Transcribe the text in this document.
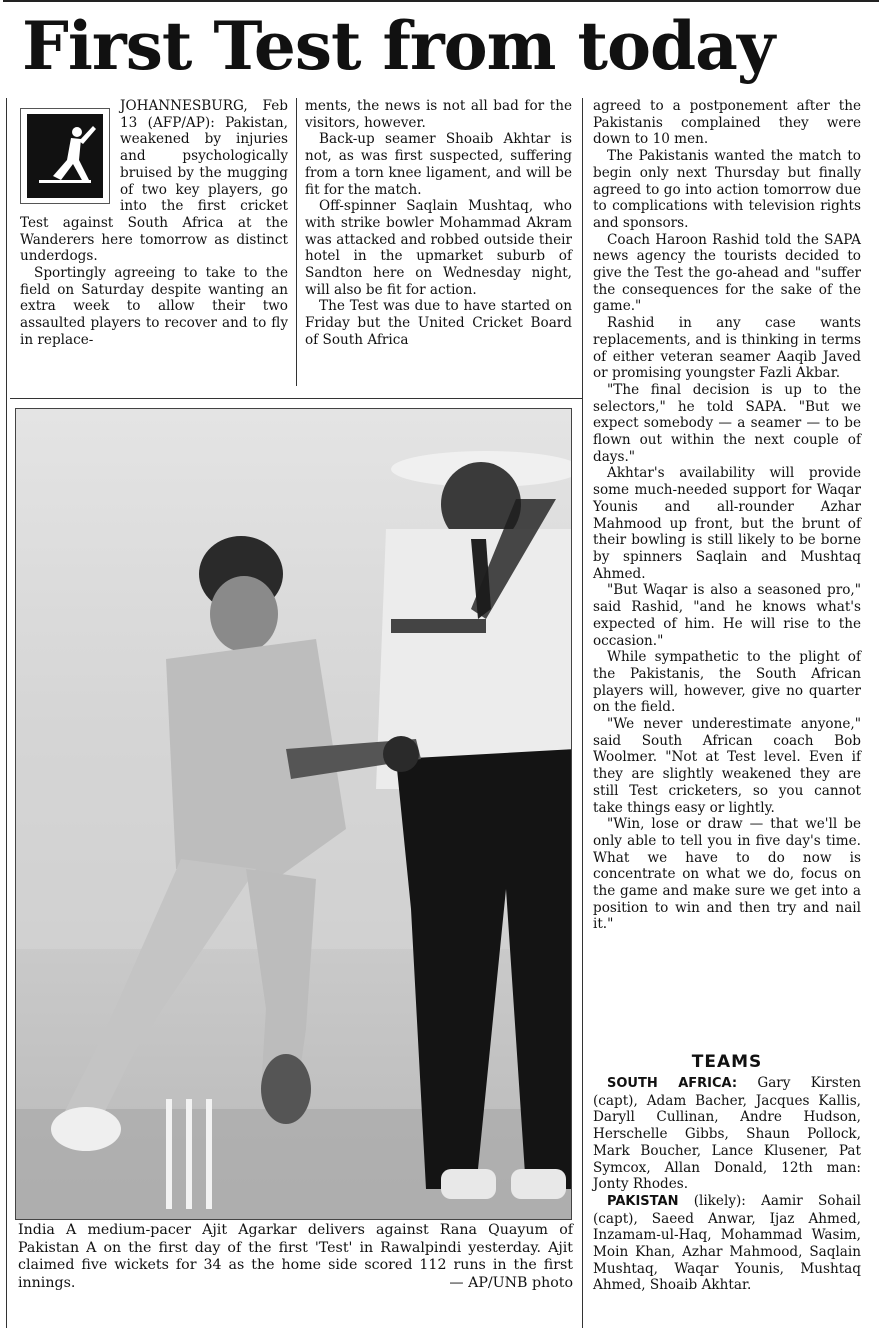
First Test from today

JOHANNESBURG, Feb 13 (AFP/AP): Pakistan, weakened by injuries and psychologically bruised by the mugging of two key players, go into the first cricket Test against South Africa at the Wanderers here tomorrow as distinct underdogs.

Sportingly agreeing to take to the field on Saturday despite wanting an extra week to allow their two assaulted players to recover and to fly in replace-

ments, the news is not all bad for the visitors, however.

Back-up seamer Shoaib Akhtar is not, as was first suspected, suffering from a torn knee ligament, and will be fit for the match.

Off-spinner Saqlain Mushtaq, who with strike bowler Mohammad Akram was attacked and robbed outside their hotel in the upmarket suburb of Sandton here on Wednesday night, will also be fit for action.

The Test was due to have started on Friday but the United Cricket Board of South Africa

agreed to a postponement after the Pakistanis complained they were down to 10 men.

The Pakistanis wanted the match to begin only next Thursday but finally agreed to go into action tomorrow due to complications with television rights and sponsors.

Coach Haroon Rashid told the SAPA news agency the tourists decided to give the Test the go-ahead and "suffer the consequences for the sake of the game."

Rashid in any case wants replacements, and is thinking in terms of either veteran seamer Aaqib Javed or promising youngster Fazli Akbar.

"The final decision is up to the selectors," he told SAPA. "But we expect somebody — a seamer — to be flown out within the next couple of days."

Akhtar's availability will provide some much-needed support for Waqar Younis and all-rounder Azhar Mahmood up front, but the brunt of their bowling is still likely to be borne by spinners Saqlain and Mushtaq Ahmed.

"But Waqar is also a seasoned pro," said Rashid, "and he knows what's expected of him. He will rise to the occasion."

While sympathetic to the plight of the Pakistanis, the South African players will, however, give no quarter on the field.

"We never underestimate anyone," said South African coach Bob Woolmer. "Not at Test level. Even if they are slightly weakened they are still Test cricketers, so you cannot take things easy or lightly.

"Win, lose or draw — that we'll be only able to tell you in five day's time. What we have to do now is concentrate on what we do, focus on the game and make sure we get into a position to win and then try and nail it."

TEAMS

SOUTH AFRICA: Gary Kirsten (capt), Adam Bacher, Jacques Kallis, Daryll Cullinan, Andre Hudson, Herschelle Gibbs, Shaun Pollock, Mark Boucher, Lance Klusener, Pat Symcox, Allan Donald, 12th man: Jonty Rhodes.

PAKISTAN (likely): Aamir Sohail (capt), Saeed Anwar, Ijaz Ahmed, Inzamam-ul-Haq, Mohammad Wasim, Moin Khan, Azhar Mahmood, Saqlain Mushtaq, Waqar Younis, Mushtaq Ahmed, Shoaib Akhtar.

India A medium-pacer Ajit Agarkar delivers against Rana Quayum of Pakistan A on the first day of the first 'Test' in Rawalpindi yesterday. Ajit claimed five wickets for 34 as the home side scored 112 runs in the first innings.	— AP/UNB photo
